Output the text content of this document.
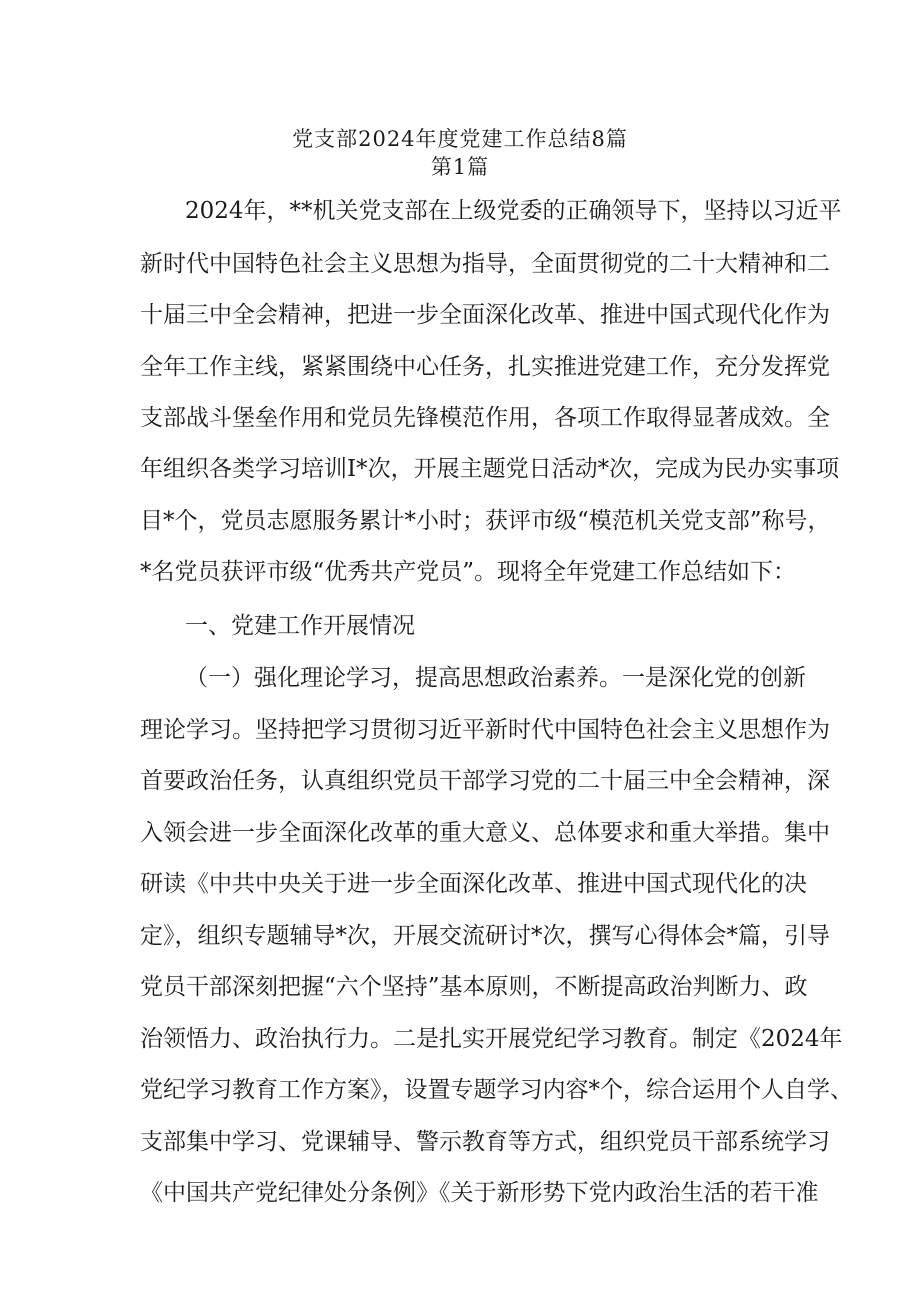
党支部2024年度党建工作总结8篇
第1篇
2024年，**机关党支部在上级党委的正确领导下，坚持以习近平
新时代中国特色社会主义思想为指导，全面贯彻党的二十大精神和二
十届三中全会精神，把进一步全面深化改革、推进中国式现代化作为
全年工作主线，紧紧围绕中心任务，扎实推进党建工作，充分发挥党
支部战斗堡垒作用和党员先锋模范作用，各项工作取得显著成效。全
年组织各类学习培训I*次，开展主题党日活动*次，完成为民办实事项
目*个，党员志愿服务累计*小时；获评市级“模范机关党支部”称号，
*名党员获评市级“优秀共产党员”。现将全年党建工作总结如下：
一、党建工作开展情况
（一）强化理论学习，提高思想政治素养。一是深化党的创新
理论学习。坚持把学习贯彻习近平新时代中国特色社会主义思想作为
首要政治任务，认真组织党员干部学习党的二十届三中全会精神，深
入领会进一步全面深化改革的重大意义、总体要求和重大举措。集中
研读《中共中央关于进一步全面深化改革、推进中国式现代化的决
定》，组织专题辅导*次，开展交流研讨*次，撰写心得体会*篇，引导
党员干部深刻把握“六个坚持”基本原则，不断提高政治判断力、政
治领悟力、政治执行力。二是扎实开展党纪学习教育。制定《2024年
党纪学习教育工作方案》，设置专题学习内容*个，综合运用个人自学、
支部集中学习、党课辅导、警示教育等方式，组织党员干部系统学习
《中国共产党纪律处分条例》《关于新形势下党内政治生活的若干准
